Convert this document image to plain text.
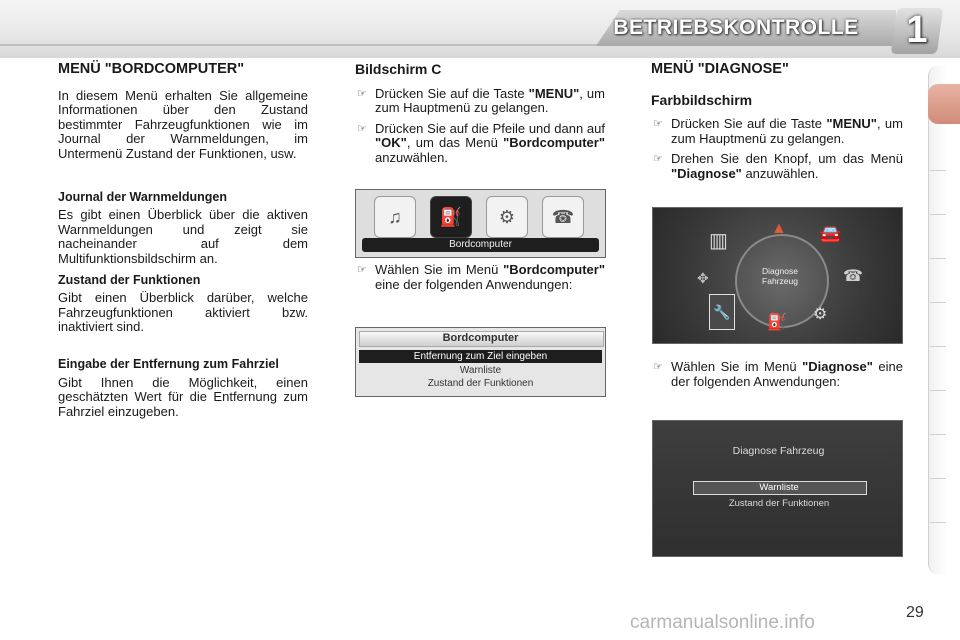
BETRIEBSKONTROLLE	1
MENÜ "BORDCOMPUTER"

In diesem Menü erhalten Sie allgemeine Informationen über den Zustand bestimmter Fahrzeugfunktionen wie im Journal der Warnmeldungen, im Untermenü Zustand der Funktionen, usw.

Journal der Warnmeldungen

Es gibt einen Überblick über die aktiven Warnmeldungen und zeigt sie nacheinander auf dem Multifunktionsbildschirm an.

Zustand der Funktionen

Gibt einen Überblick darüber, welche Fahrzeugfunktionen aktiviert bzw. inaktiviert sind.

Eingabe der Entfernung zum Fahrziel

Gibt Ihnen die Möglichkeit, einen geschätzten Wert für die Entfernung zum Fahrziel einzugeben.

Bildschirm C
☞ Drücken Sie auf die Taste "MENU", um zum Hauptmenü zu gelangen.
☞ Drücken Sie auf die Pfeile und dann auf "OK", um das Menü "Bordcomputer" anzuwählen.
♫	⛽	⚙	☎
Bordcomputer
☞ Wählen Sie im Menü "Bordcomputer" eine der folgenden Anwendungen:
Bordcomputer
Entfernung zum Ziel eingeben
Warnliste
Zustand der Funktionen
MENÜ "DIAGNOSE"
Farbbildschirm
☞ Drücken Sie auf die Taste "MENU", um zum Hauptmenü zu gelangen.
☞ Drehen Sie den Knopf, um das Menü "Diagnose" anzuwählen.
Diagnose Fahrzeug
▥
▲ 🚘
☎
✥
🔧
⛽ ⚙
☞ Wählen Sie im Menü "Diagnose" eine der folgenden Anwendungen:
Diagnose Fahrzeug
Warnliste
Zustand der Funktionen
29
carmanualsonline.info
